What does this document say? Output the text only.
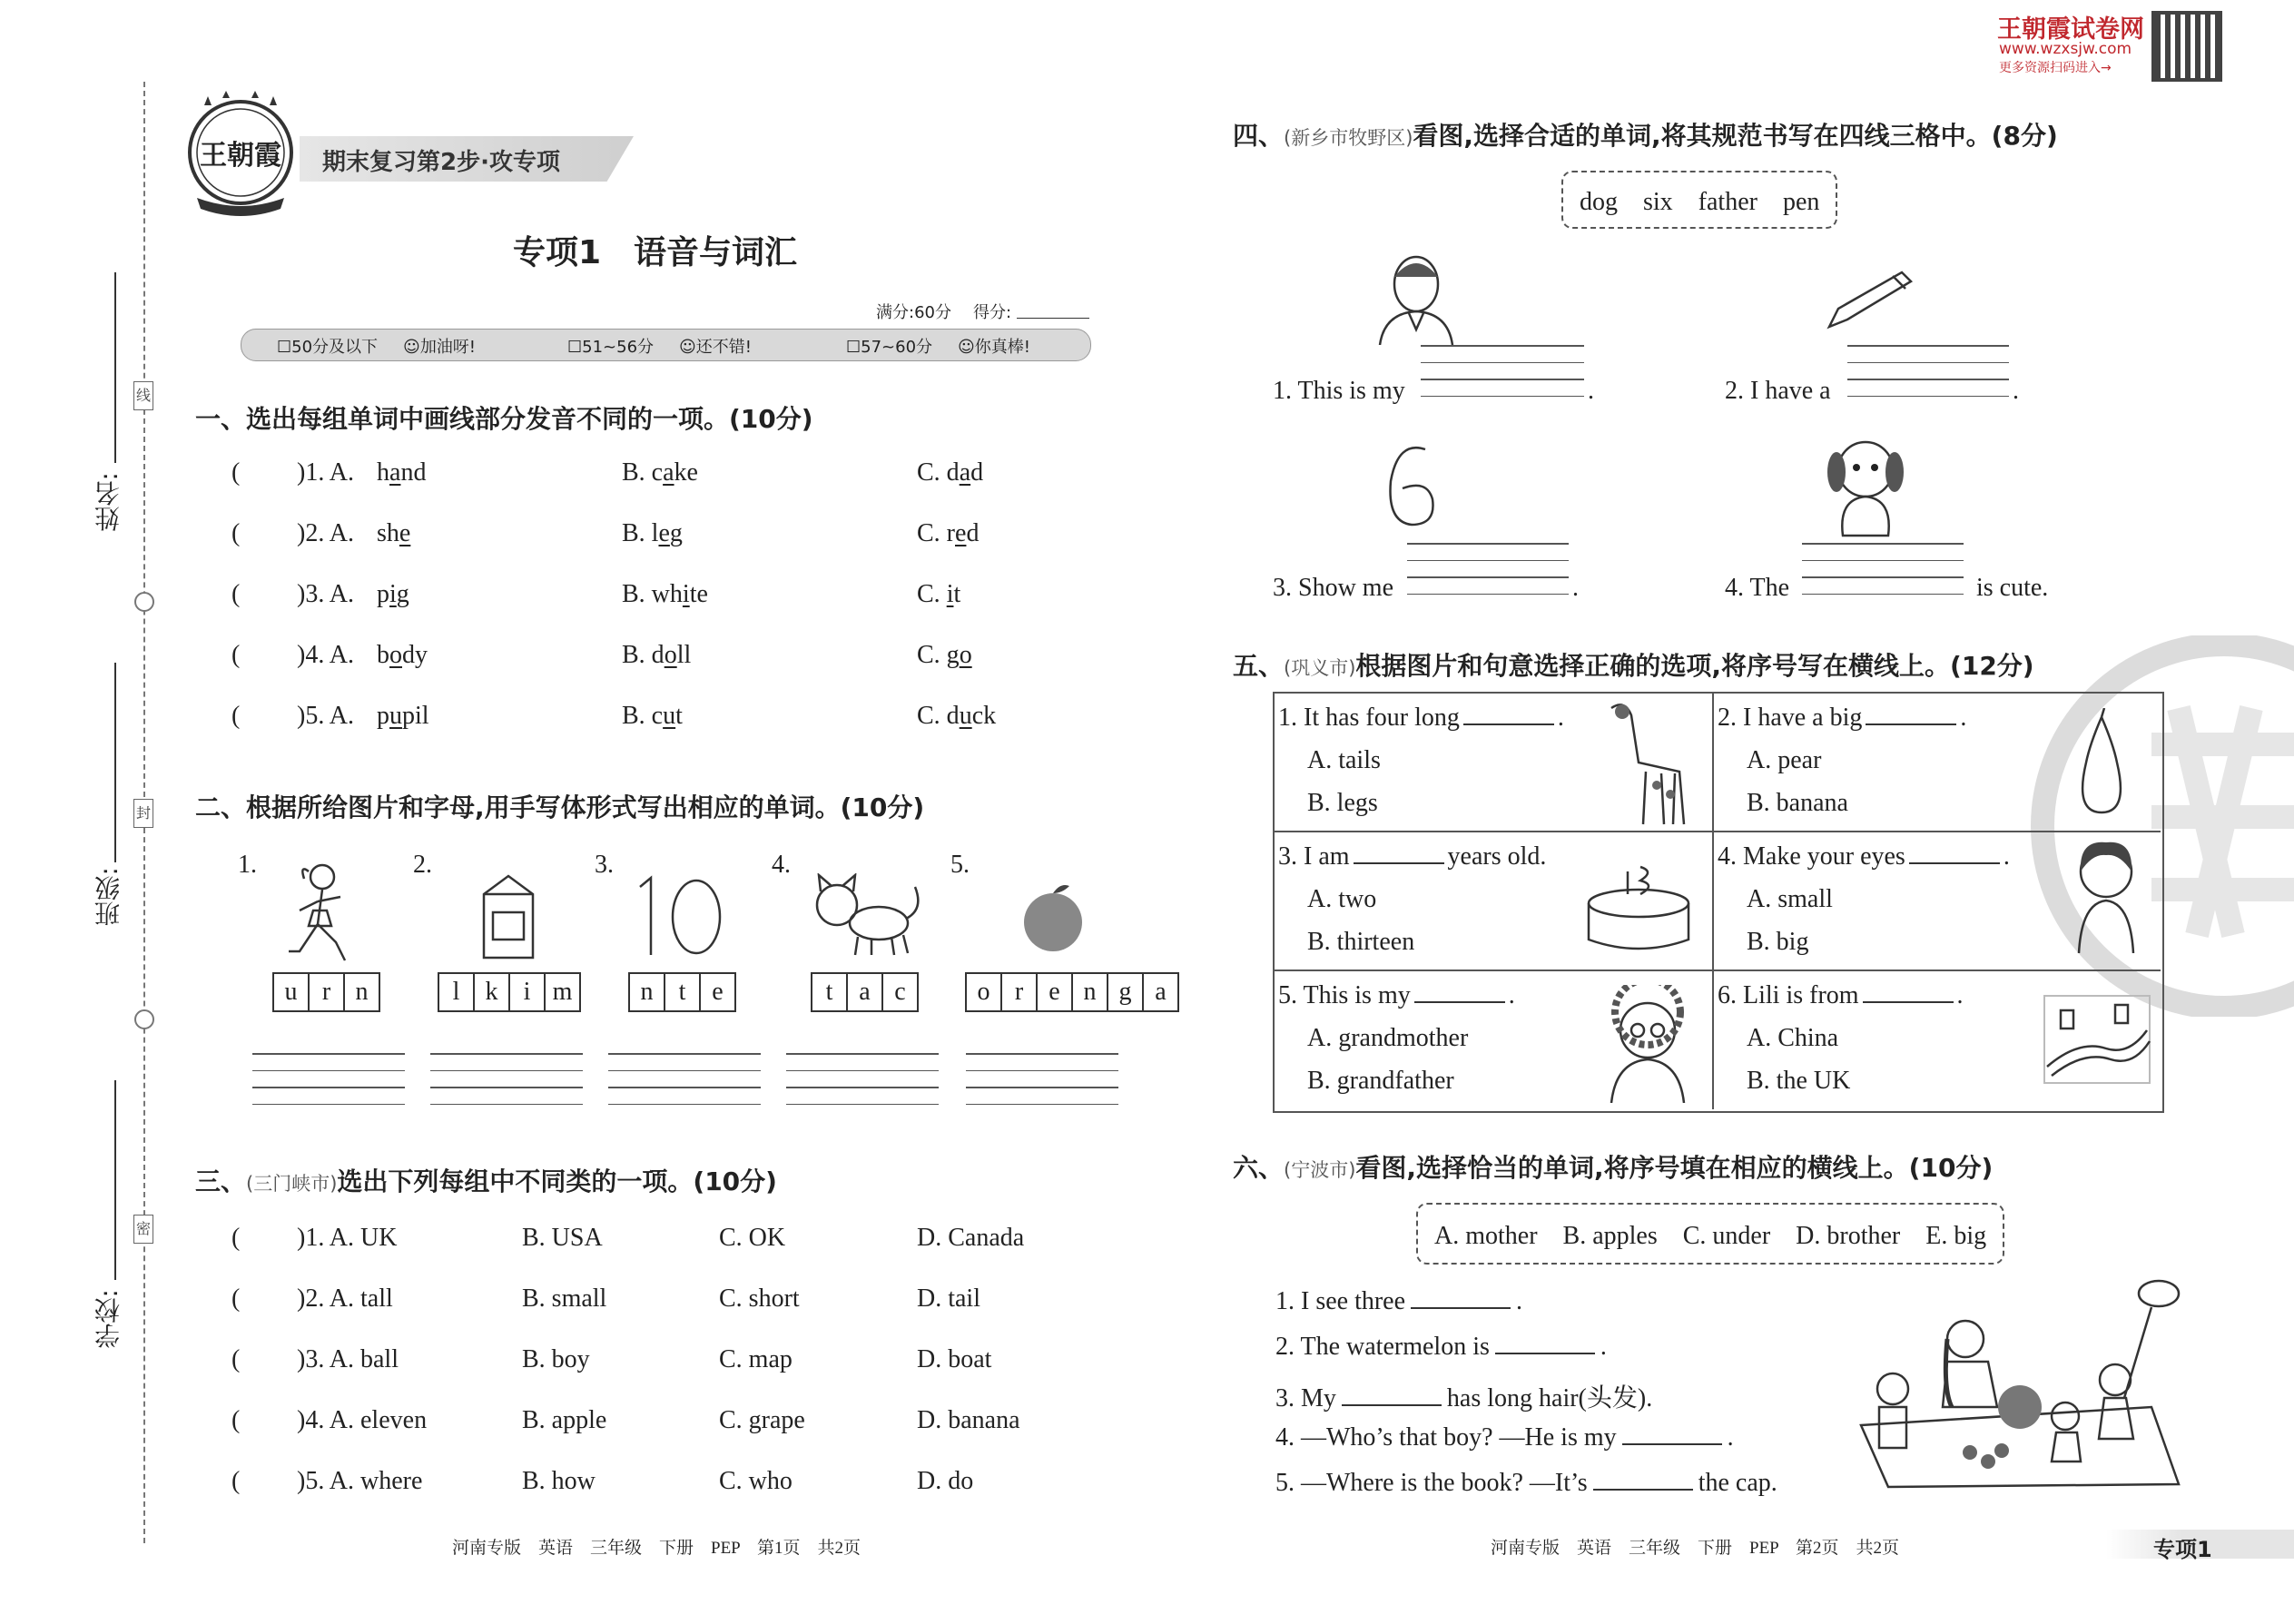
线
封
密
姓名:
班级:
学校:
王朝霞 期末复习第2步·攻专项
专项1　语音与词汇
满分:60分 得分:
☐50分及以下 ☺加油呀!	☐51~56分 ☺还不错!	☐57~60分 ☺你真棒!
一、选出每组单词中画线部分发音不同的一项。(10分)
( )1. A. hand	B. cake	C. dad
( )2. A. she	B. leg	C. red
( )3. A. pig	B. white	C. it
( )4. A. body	B. doll	C. go
( )5. A. pupil	B. cut	C. duck
二、根据所给图片和字母,用手写体形式写出相应的单词。(10分)
1.	2.	3.	4.	5.
u r n	l k i m	n t e	t a c	o r e n g a
三、(三门峡市)选出下列每组中不同类的一项。(10分)
( )1. A. UK	B. USA	C. OK	D. Canada
( )2. A. tall	B. small	C. short	D. tail
( )3. A. ball	B. boy	C. map	D. boat
( )4. A. eleven	B. apple	C. grape	D. banana
( )5. A. where	B. how	C. who	D. do
河南专版　英语　三年级　下册　PEP　第1页　共2页
王朝霞试卷网
www.wzxsjw.com
更多资源扫码进入→
四、(新乡市牧野区)看图,选择合适的单词,将其规范书写在四线三格中。(8分)
dog　six　father　pen
1. This is my	.	2. I have a	.
3. Show me	.	4. The	is cute.
五、(巩义市)根据图片和句意选择正确的选项,将序号写在横线上。(12分)
1. It has four long	.
A. tails
B. legs
2. I have a big	.
A. pear
B. banana
3. I am	years old.
A. two
B. thirteen
4. Make your eyes	.
A. small
B. big
5. This is my	.
A. grandmother
B. grandfather
6. Lili is from	.
A. China
B. the UK
六、(宁波市)看图,选择恰当的单词,将序号填在相应的横线上。(10分)
A. mother　B. apples　C. under　D. brother　E. big
1. I see three	.
2. The watermelon is	.
3. My	has long hair(头发).
4. —Who’s that boy? —He is my	.
5. —Where is the book? —It’s	the cap.
河南专版　英语　三年级　下册　PEP　第2页　共2页	专项1
